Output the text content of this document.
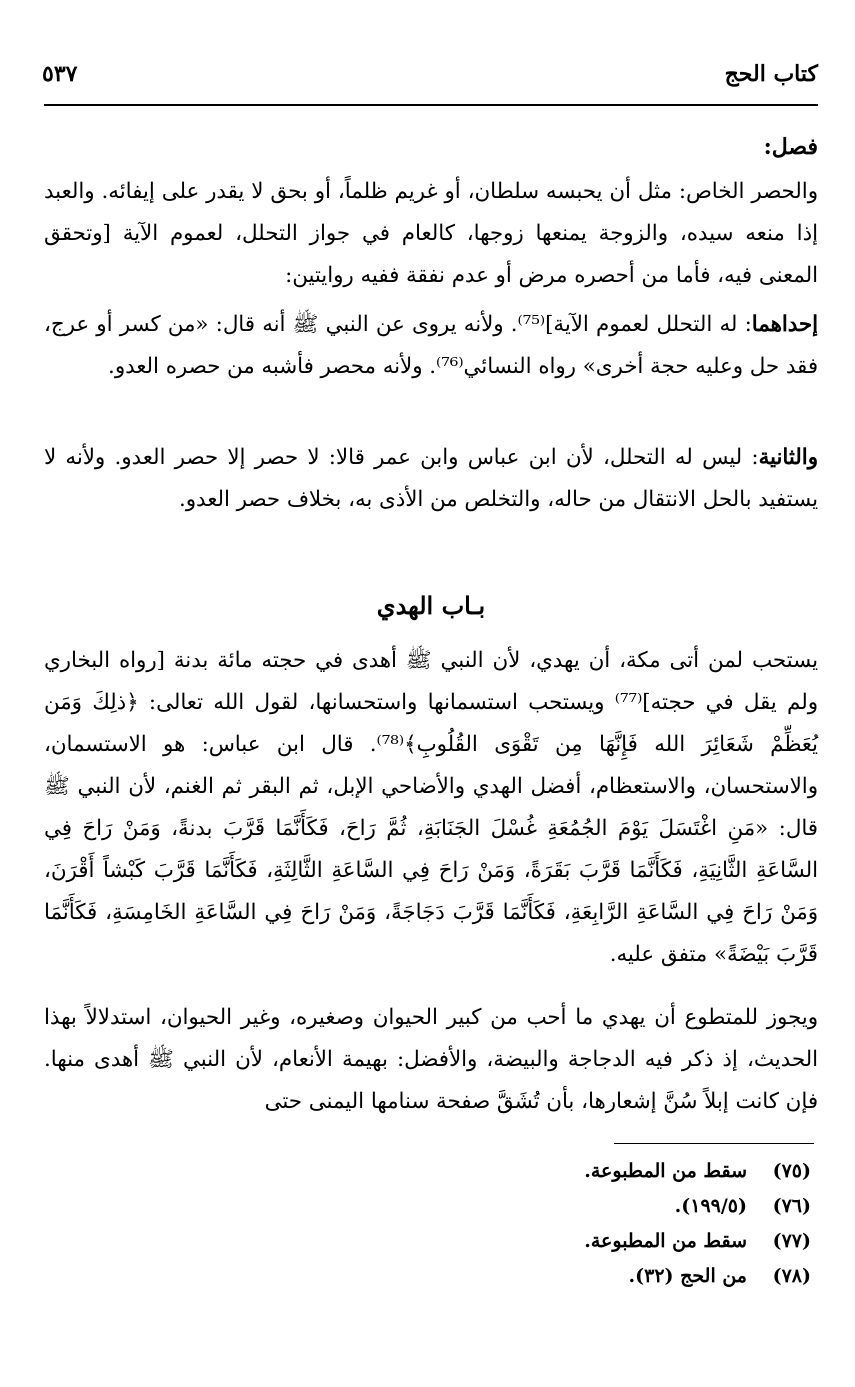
كتاب الحج
٥٣٧
فصل:
والحصر الخاص: مثل أن يحبسه سلطان، أو غريم ظلماً، أو بحق لا يقدر على إيفائه. والعبد إذا منعه سيده، والزوجة يمنعها زوجها، كالعام في جواز التحلل، لعموم الآية [وتحقق المعنى فيه، فأما من أحصره مرض أو عدم نفقة ففيه روايتين:
إحداهما: له التحلل لعموم الآية]⁽⁷⁵⁾. ولأنه يروى عن النبي ﷺ أنه قال: «من كسر أو عرج، فقد حل وعليه حجة أخرى» رواه النسائي⁽⁷⁶⁾. ولأنه محصر فأشبه من حصره العدو.
والثانية: ليس له التحلل، لأن ابن عباس وابن عمر قالا: لا حصر إلا حصر العدو. ولأنه لا يستفيد بالحل الانتقال من حاله، والتخلص من الأذى به، بخلاف حصر العدو.
بـاب الهدي
يستحب لمن أتى مكة، أن يهدي، لأن النبي ﷺ أهدى في حجته مائة بدنة [رواه البخاري ولم يقل في حجته]⁽⁷⁷⁾ ويستحب استسمانها واستحسانها، لقول الله تعالى: ﴿ذلِكَ وَمَن يُعَظِّمْ شَعَائِرَ الله فَإِنَّهَا مِن تَقْوَى القُلُوبِ﴾⁽⁷⁸⁾. قال ابن عباس: هو الاستسمان، والاستحسان، والاستعظام، أفضل الهدي والأضاحي الإبل، ثم البقر ثم الغنم، لأن النبي ﷺ قال: «مَنِ اغْتَسَلَ يَوْمَ الجُمُعَةِ غُسْلَ الجَنَابَةِ، ثُمَّ رَاحَ، فَكَأَنَّمَا قَرَّبَ بدنةً، وَمَنْ رَاحَ فِي السَّاعَةِ الثَّانِيَةِ، فَكَأَنَّمَا قَرَّبَ بَقَرَةً، وَمَنْ رَاحَ فِي السَّاعَةِ الثَّالِثَةِ، فَكَأَنَّمَا قَرَّبَ كَبْشاً أَقْرَنَ، وَمَنْ رَاحَ فِي السَّاعَةِ الرَّابِعَةِ، فَكَأَنَّمَا قَرَّبَ دَجَاجَةً، وَمَنْ رَاحَ فِي السَّاعَةِ الخَامِسَةِ، فَكَأَنَّمَا قَرَّبَ بَيْضَةً» متفق عليه.
ويجوز للمتطوع أن يهدي ما أحب من كبير الحيوان وصغيره، وغير الحيوان، استدلالاً بهذا الحديث، إذ ذكر فيه الدجاجة والبيضة، والأفضل: بهيمة الأنعام، لأن النبي ﷺ أهدى منها. فإن كانت إبلاً سُنَّ إشعارها، بأن تُشَقَّ صفحة سنامها اليمنى حتى
(٧٥)
سقط من المطبوعة.
(٧٦)
(١٩٩/٥).
(٧٧)
سقط من المطبوعة.
(٧٨)
من الحج (٣٢).
